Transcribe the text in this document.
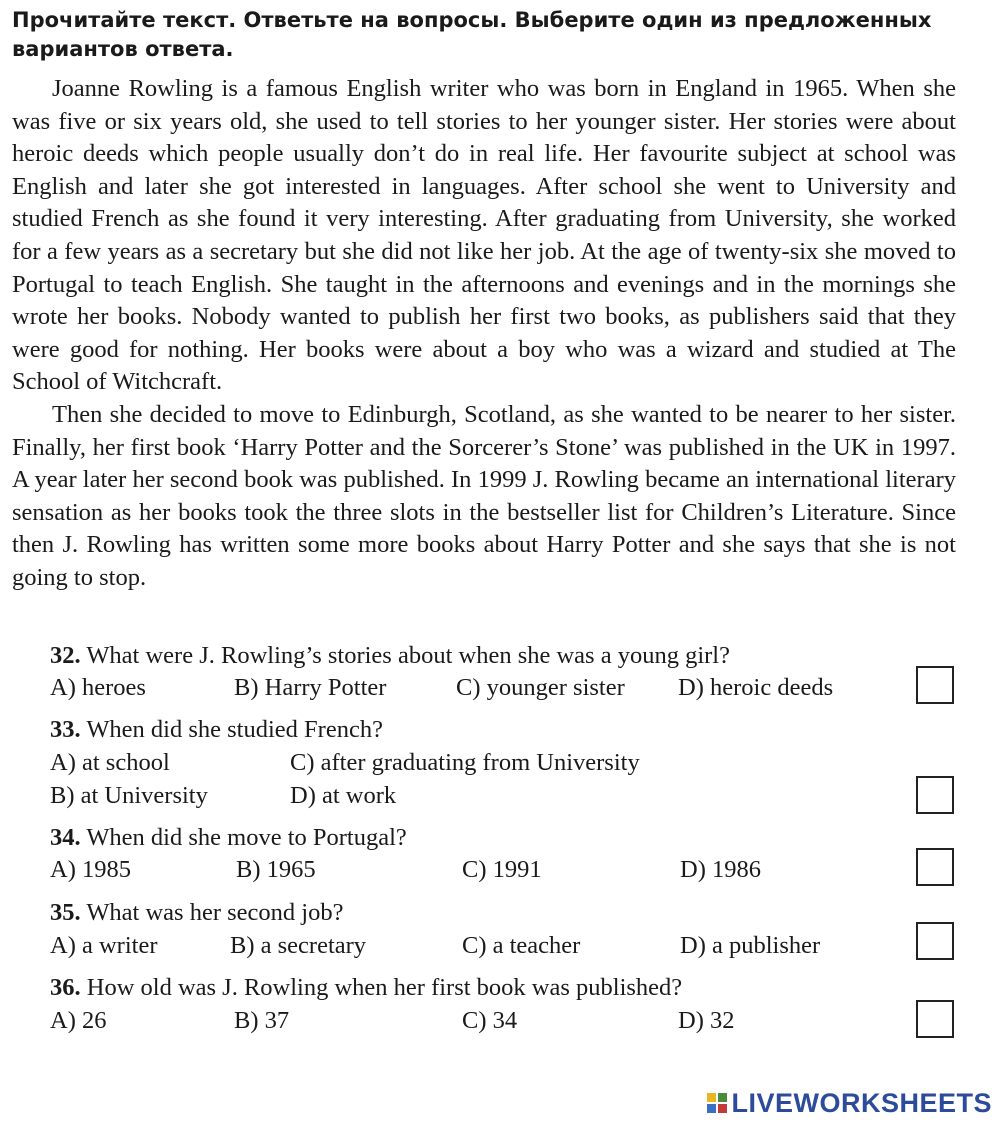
Прочитайте текст. Ответьте на вопросы. Выберите один из предложенных вариантов ответа.

Joanne Rowling is a famous English writer who was born in England in 1965. When she was five or six years old, she used to tell stories to her younger sister. Her stories were about heroic deeds which people usually don’t do in real life. Her favourite subject at school was English and later she got interested in languages. After school she went to University and studied French as she found it very interesting. After graduating from University, she worked for a few years as a secretary but she did not like her job. At the age of twenty-six she moved to Portugal to teach English. She taught in the afternoons and evenings and in the mornings she wrote her books. Nobody wanted to publish her first two books, as publishers said that they were good for nothing. Her books were about a boy who was a wizard and studied at The School of Witchcraft.

Then she decided to move to Edinburgh, Scotland, as she wanted to be nearer to her sister. Finally, her first book ‘Harry Potter and the Sorcerer’s Stone’ was published in the UK in 1997. A year later her second book was published. In 1999 J. Rowling became an international literary sensation as her books took the three slots in the bestseller list for Children’s Literature. Since then J. Rowling has written some more books about Harry Potter and she says that she is not going to stop.

32. What were J. Rowling’s stories about when she was a young girl?
A) heroes	B) Harry Potter	C) younger sister D) heroic deeds
33. When did she studied French?
A) at school	C) after graduating from University
B) at University	D) at work
34. When did she move to Portugal?
A) 1985	B) 1965	C) 1991	D) 1986
35. What was her second job?
A) a writer	B) a secretary	C) a teacher	D) a publisher
36. How old was J. Rowling when her first book was published?
A) 26	B) 37	C) 34	D) 32
LIVEWORKSHEETS
